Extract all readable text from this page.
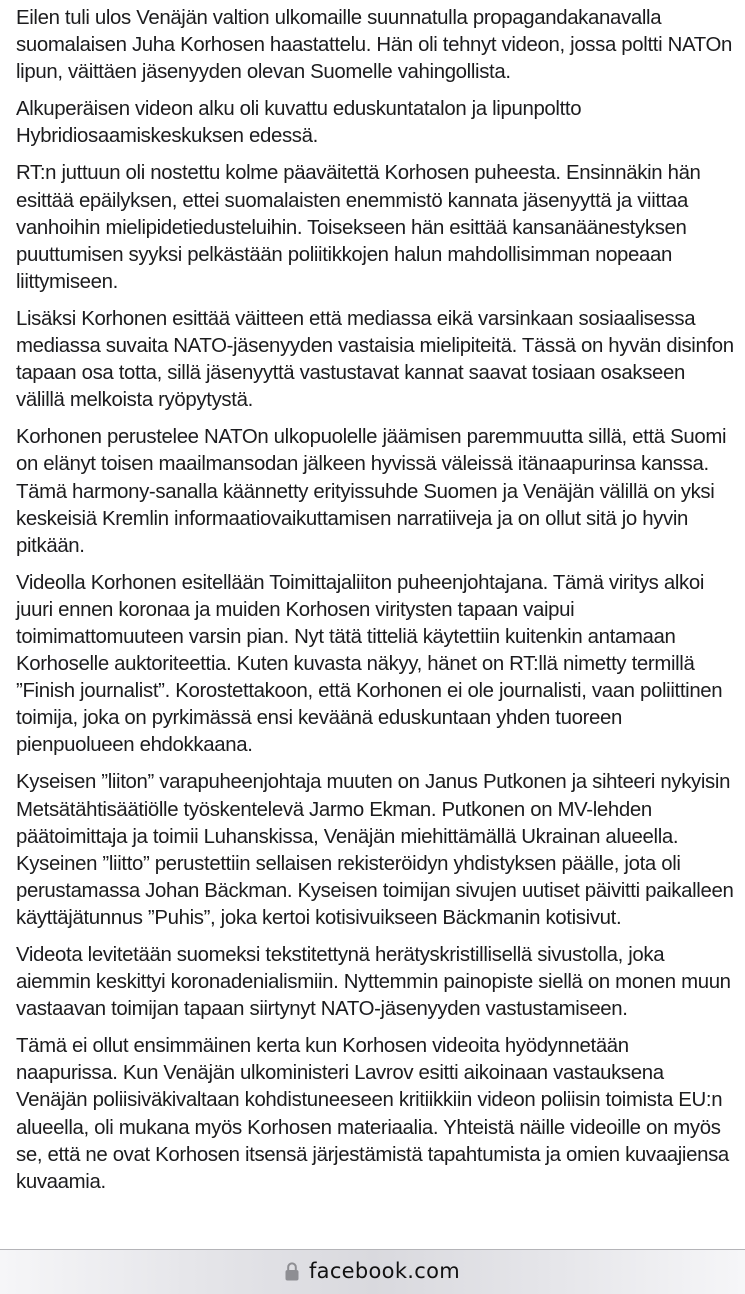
Eilen tuli ulos Venäjän valtion ulkomaille suunnatulla propagandakanavalla suomalaisen Juha Korhosen haastattelu. Hän oli tehnyt videon, jossa poltti NATOn lipun, väittäen jäsenyyden olevan Suomelle vahingollista.

Alkuperäisen videon alku oli kuvattu eduskuntatalon ja lipunpoltto Hybridiosaamiskeskuksen edessä.

RT:n juttuun oli nostettu kolme päaväitettä Korhosen puheesta. Ensinnäkin hän esittää epäilyksen, ettei suomalaisten enemmistö kannata jäsenyyttä ja viittaa vanhoihin mielipidetiedusteluihin. Toisekseen hän esittää kansanäänestyksen puuttumisen syyksi pelkästään poliitikkojen halun mahdollisimman nopeaan liittymiseen.

Lisäksi Korhonen esittää väitteen että mediassa eikä varsinkaan sosiaalisessa mediassa suvaita NATO-jäsenyyden vastaisia mielipiteitä. Tässä on hyvän disinfon tapaan osa totta, sillä jäsenyyttä vastustavat kannat saavat tosiaan osakseen välillä melkoista ryöpytystä.

Korhonen perustelee NATOn ulkopuolelle jäämisen paremmuutta sillä, että Suomi on elänyt toisen maailmansodan jälkeen hyvissä väleissä itänaapurinsa kanssa. Tämä harmony-sanalla käännetty erityissuhde Suomen ja Venäjän välillä on yksi keskeisiä Kremlin informaatiovaikuttamisen narratiiveja ja on ollut sitä jo hyvin pitkään.

Videolla Korhonen esitellään Toimittajaliiton puheenjohtajana. Tämä viritys alkoi juuri ennen koronaa ja muiden Korhosen viritysten tapaan vaipui toimimattomuuteen varsin pian. Nyt tätä titteliä käytettiin kuitenkin antamaan Korhoselle auktoriteettia. Kuten kuvasta näkyy, hänet on RT:llä nimetty termillä ”Finish journalist”. Korostettakoon, että Korhonen ei ole journalisti, vaan poliittinen toimija, joka on pyrkimässä ensi keväänä eduskuntaan yhden tuoreen pienpuolueen ehdokkaana.

Kyseisen ”liiton” varapuheenjohtaja muuten on Janus Putkonen ja sihteeri nykyisin Metsätähtisäätiölle työskentelevä Jarmo Ekman. Putkonen on MV-lehden päätoimittaja ja toimii Luhanskissa, Venäjän miehittämällä Ukrainan alueella. Kyseinen ”liitto” perustettiin sellaisen rekisteröidyn yhdistyksen päälle, jota oli perustamassa Johan Bäckman. Kyseisen toimijan sivujen uutiset päivitti paikalleen käyttäjätunnus ”Puhis”, joka kertoi kotisivuikseen Bäckmanin kotisivut.

Videota levitetään suomeksi tekstitettynä herätyskristillisellä sivustolla, joka aiemmin keskittyi koronadenialismiin. Nyttemmin painopiste siellä on monen muun vastaavan toimijan tapaan siirtynyt NATO-jäsenyyden vastustamiseen.

Tämä ei ollut ensimmäinen kerta kun Korhosen videoita hyödynnetään naapurissa. Kun Venäjän ulkoministeri Lavrov esitti aikoinaan vastauksena Venäjän poliisiväkivaltaan kohdistuneeseen kritiikkiin videon poliisin toimista EU:n alueella, oli mukana myös Korhosen materiaalia. Yhteistä näille videoille on myös se, että ne ovat Korhosen itsensä järjestämistä tapahtumista ja omien kuvaajiensa kuvaamia.

facebook.com
